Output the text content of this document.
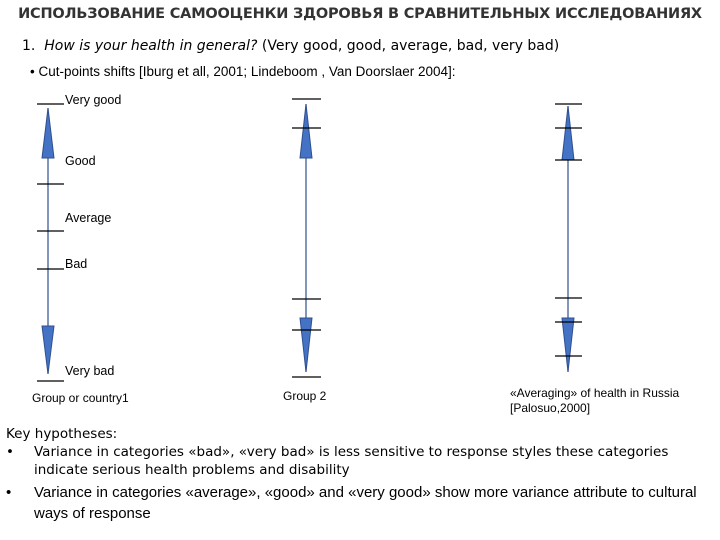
ИСПОЛЬЗОВАНИЕ САМООЦЕНКИ ЗДОРОВЬЯ В СРАВНИТЕЛЬНЫХ ИССЛЕДОВАНИЯХ
1. How is your health in general? (Very good, good, average, bad, very bad)
• Cut-points shifts [Iburg et all, 2001; Lindeboom , Van Doorslaer 2004]:
Very good
Good
Average
Bad
Very bad
Group or country1	Group 2	«Averaging» of health in Russia
[Palosuo,2000]
Key hypotheses:
• Variance in categories «bad», «very bad» is less sensitive to response styles these categories indicate serious health problems and disability
• Variance in categories «average», «good» and «very good» show more variance attribute to cultural ways of response
